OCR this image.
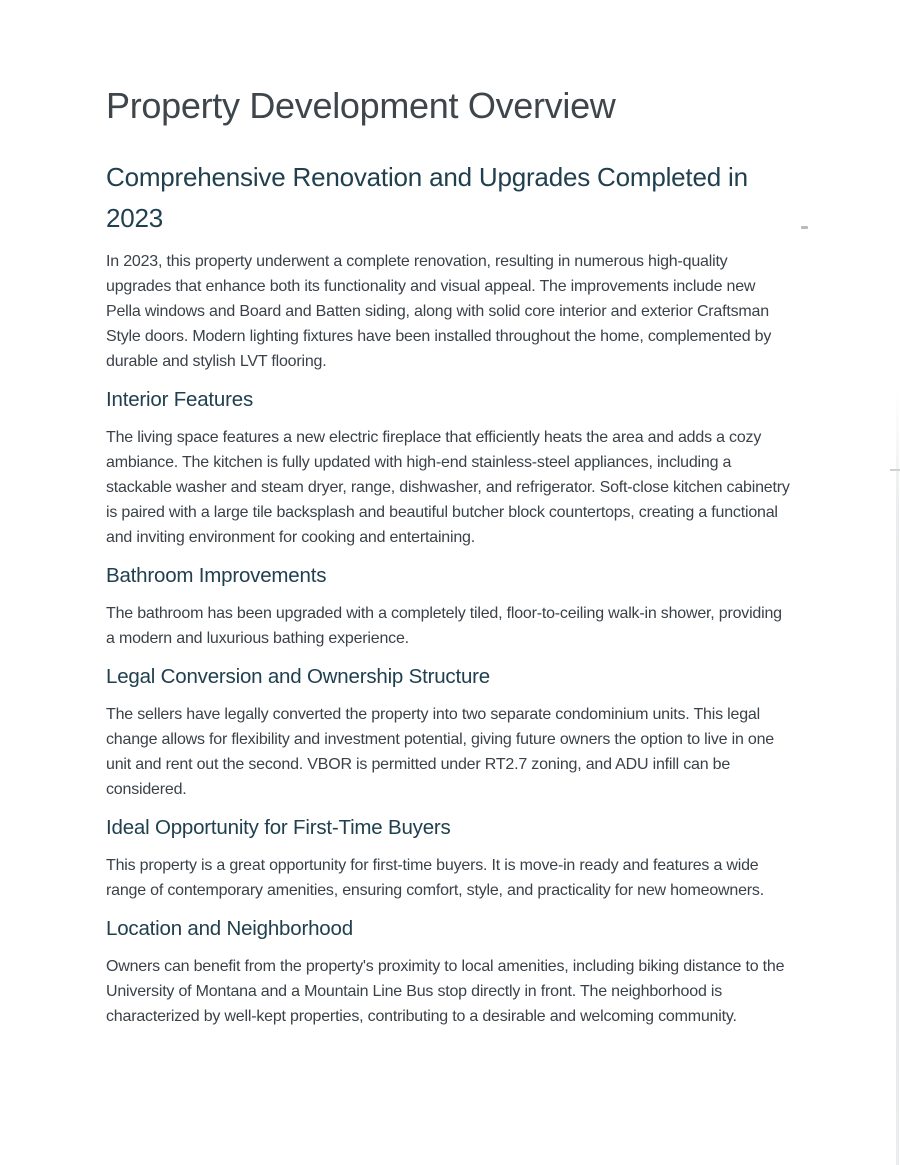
Property Development Overview
Comprehensive Renovation and Upgrades Completed in 2023

In 2023, this property underwent a complete renovation, resulting in numerous high-quality upgrades that enhance both its functionality and visual appeal. The improvements include new Pella windows and Board and Batten siding, along with solid core interior and exterior Craftsman Style doors. Modern lighting fixtures have been installed throughout the home, complemented by durable and stylish LVT flooring.

Interior Features

The living space features a new electric fireplace that efficiently heats the area and adds a cozy ambiance. The kitchen is fully updated with high-end stainless-steel appliances, including a stackable washer and steam dryer, range, dishwasher, and refrigerator. Soft-close kitchen cabinetry is paired with a large tile backsplash and beautiful butcher block countertops, creating a functional and inviting environment for cooking and entertaining.

Bathroom Improvements

The bathroom has been upgraded with a completely tiled, floor-to-ceiling walk-in shower, providing a modern and luxurious bathing experience.

Legal Conversion and Ownership Structure

The sellers have legally converted the property into two separate condominium units. This legal change allows for flexibility and investment potential, giving future owners the option to live in one unit and rent out the second. VBOR is permitted under RT2.7 zoning, and ADU infill can be considered.

Ideal Opportunity for First-Time Buyers

This property is a great opportunity for first-time buyers. It is move-in ready and features a wide range of contemporary amenities, ensuring comfort, style, and practicality for new homeowners.

Location and Neighborhood

Owners can benefit from the property's proximity to local amenities, including biking distance to the University of Montana and a Mountain Line Bus stop directly in front. The neighborhood is characterized by well-kept properties, contributing to a desirable and welcoming community.
